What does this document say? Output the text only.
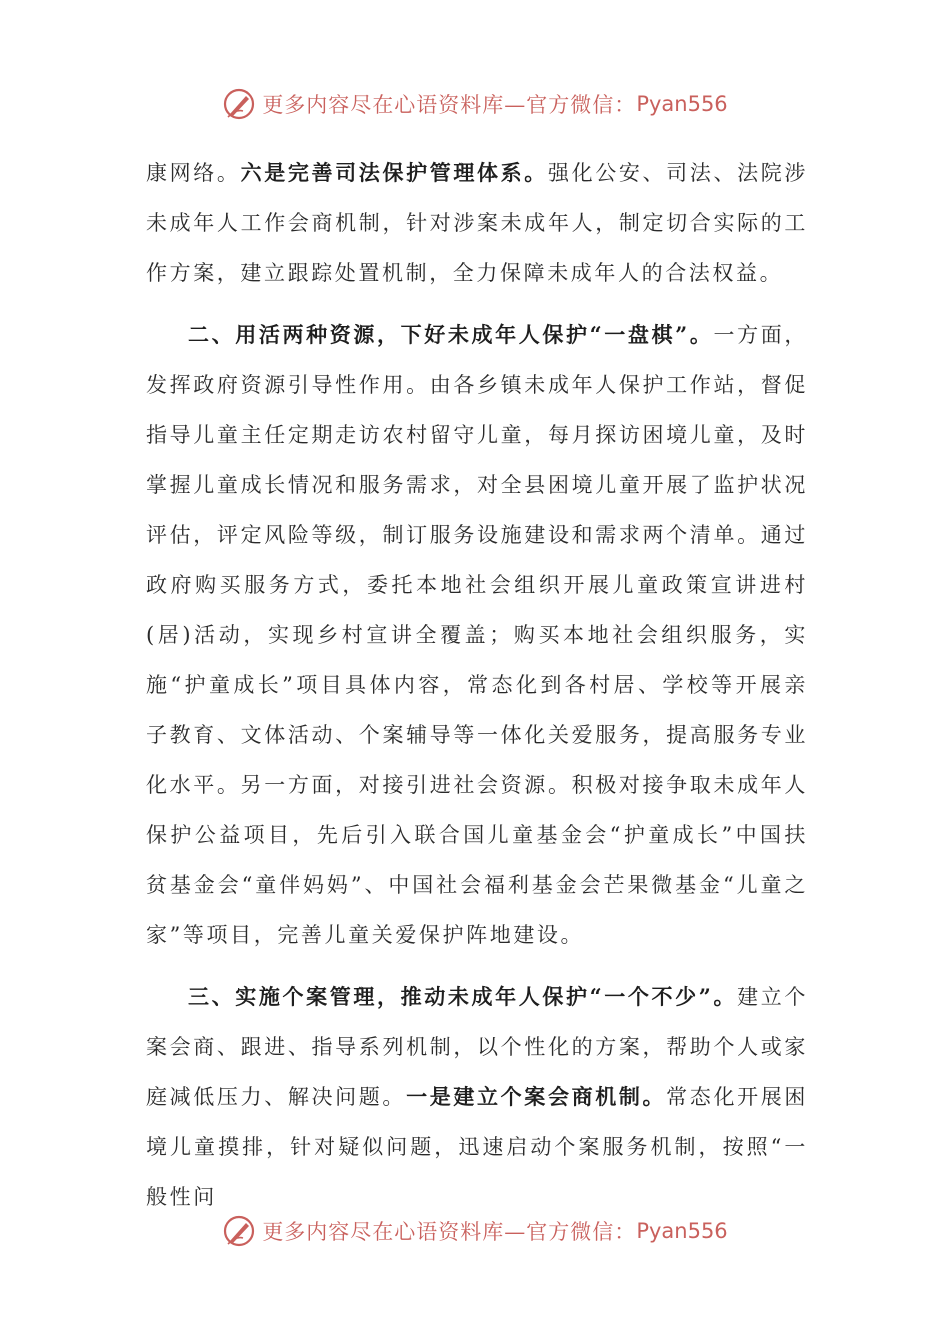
更多内容尽在心语资料库—官方微信： Pyan556

康网络。六是完善司法保护管理体系。强化公安、司法、法院涉未成年人工作会商机制，针对涉案未成年人，制定切合实际的工作方案，建立跟踪处置机制，全力保障未成年人的合法权益。

二、用活两种资源，下好未成年人保护“一盘棋”。一方面，发挥政府资源引导性作用。由各乡镇未成年人保护工作站，督促指导儿童主任定期走访农村留守儿童，每月探访困境儿童，及时掌握儿童成长情况和服务需求，对全县困境儿童开展了监护状况评估，评定风险等级，制订服务设施建设和需求两个清单。通过政府购买服务方式，委托本地社会组织开展儿童政策宣讲进村(居)活动，实现乡村宣讲全覆盖；购买本地社会组织服务，实施“护童成长”项目具体内容，常态化到各村居、学校等开展亲子教育、文体活动、个案辅导等一体化关爱服务，提高服务专业化水平。另一方面，对接引进社会资源。积极对接争取未成年人保护公益项目，先后引入联合国儿童基金会“护童成长”中国扶贫基金会“童伴妈妈”、中国社会福利基金会芒果微基金“儿童之家”等项目，完善儿童关爱保护阵地建设。

三、实施个案管理，推动未成年人保护“一个不少”。建立个案会商、跟进、指导系列机制，以个性化的方案，帮助个人或家庭减低压力、解决问题。一是建立个案会商机制。常态化开展困境儿童摸排，针对疑似问题，迅速启动个案服务机制，按照“一般性问

更多内容尽在心语资料库—官方微信： Pyan556
